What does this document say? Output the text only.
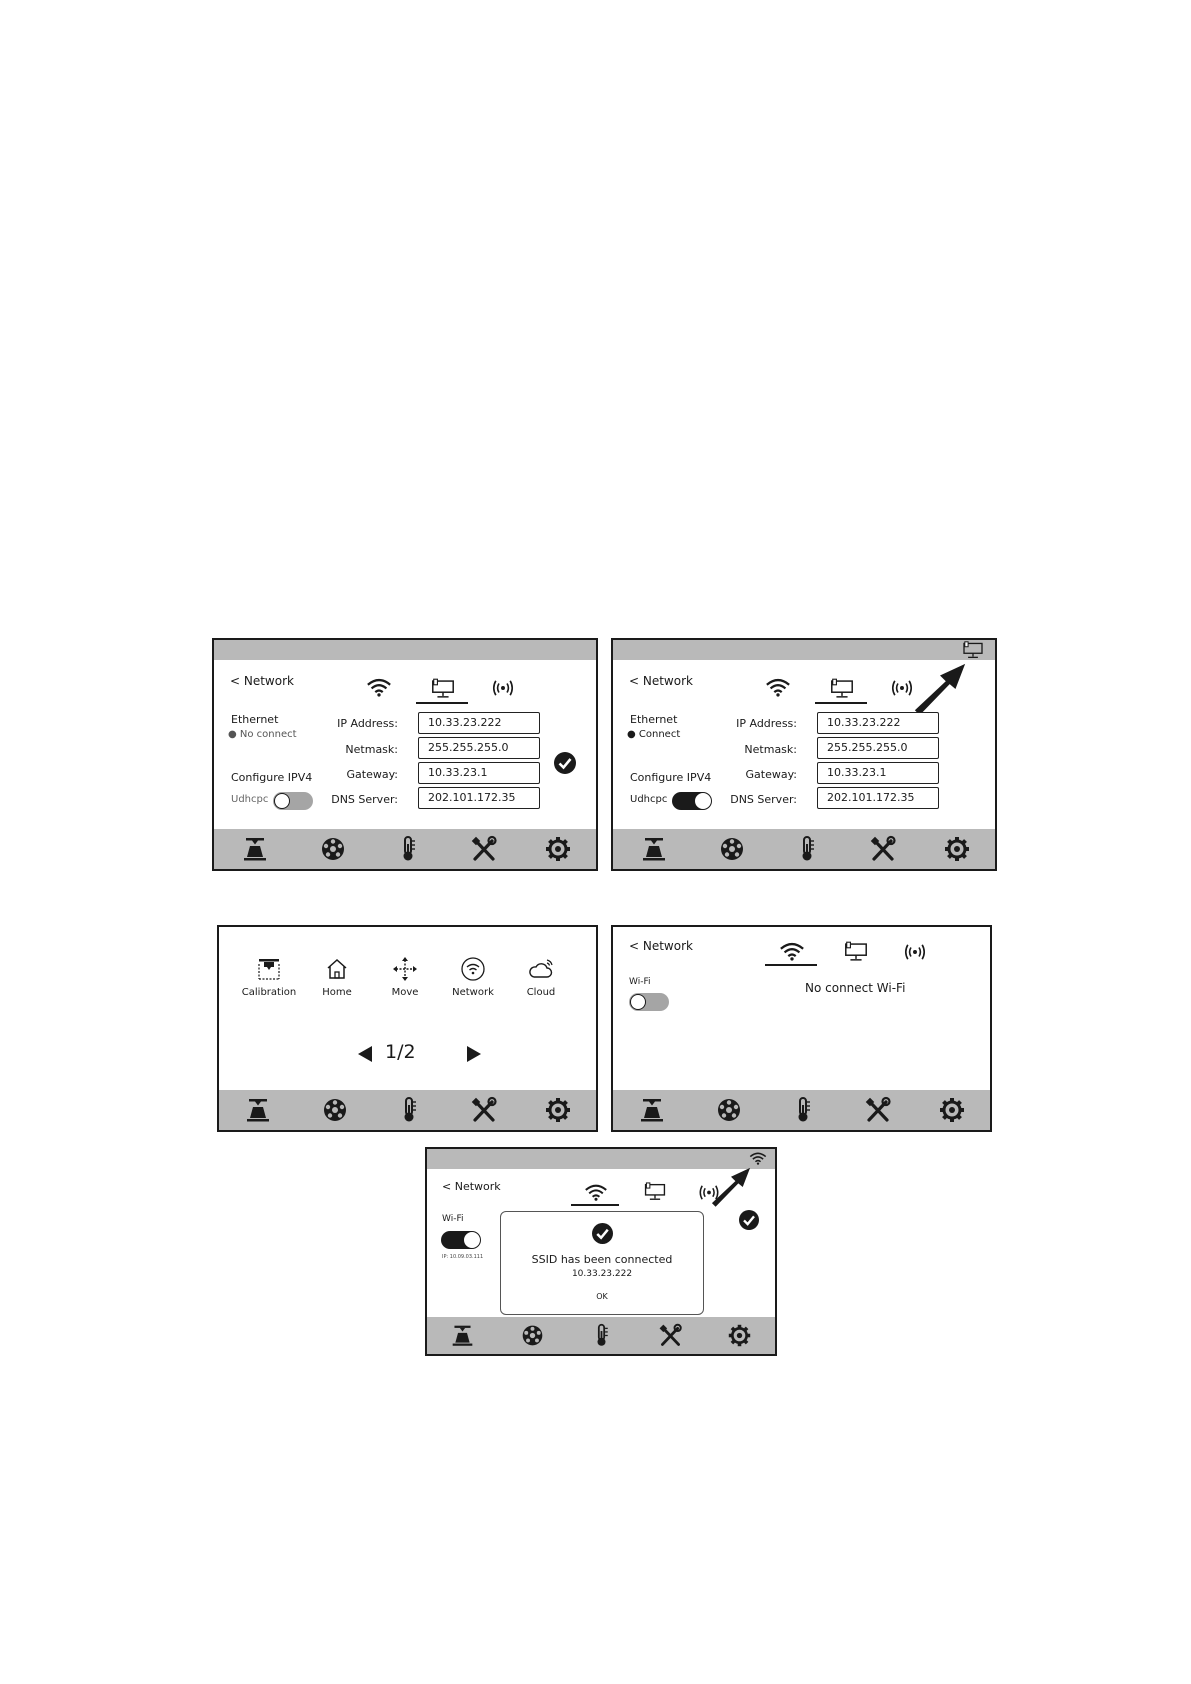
< Network
Ethernet
● No connect
Configure IPV4
Udhcpc
IP Address:	10.33.23.222
Netmask:	255.255.255.0
Gateway:	10.33.23.1
DNS Server:	202.101.172.35
< Network
Ethernet
● Connect
Configure IPV4
Udhcpc
IP Address:	10.33.23.222
Netmask:	255.255.255.0
Gateway:	10.33.23.1
DNS Server:	202.101.172.35
Calibration	Home	Move	Network	Cloud
1/2
< Network
Wi-Fi	No connect Wi-Fi
< Network
Wi-Fi
IP: 10.09.03.111	SSID has been connected
10.33.23.222
OK
